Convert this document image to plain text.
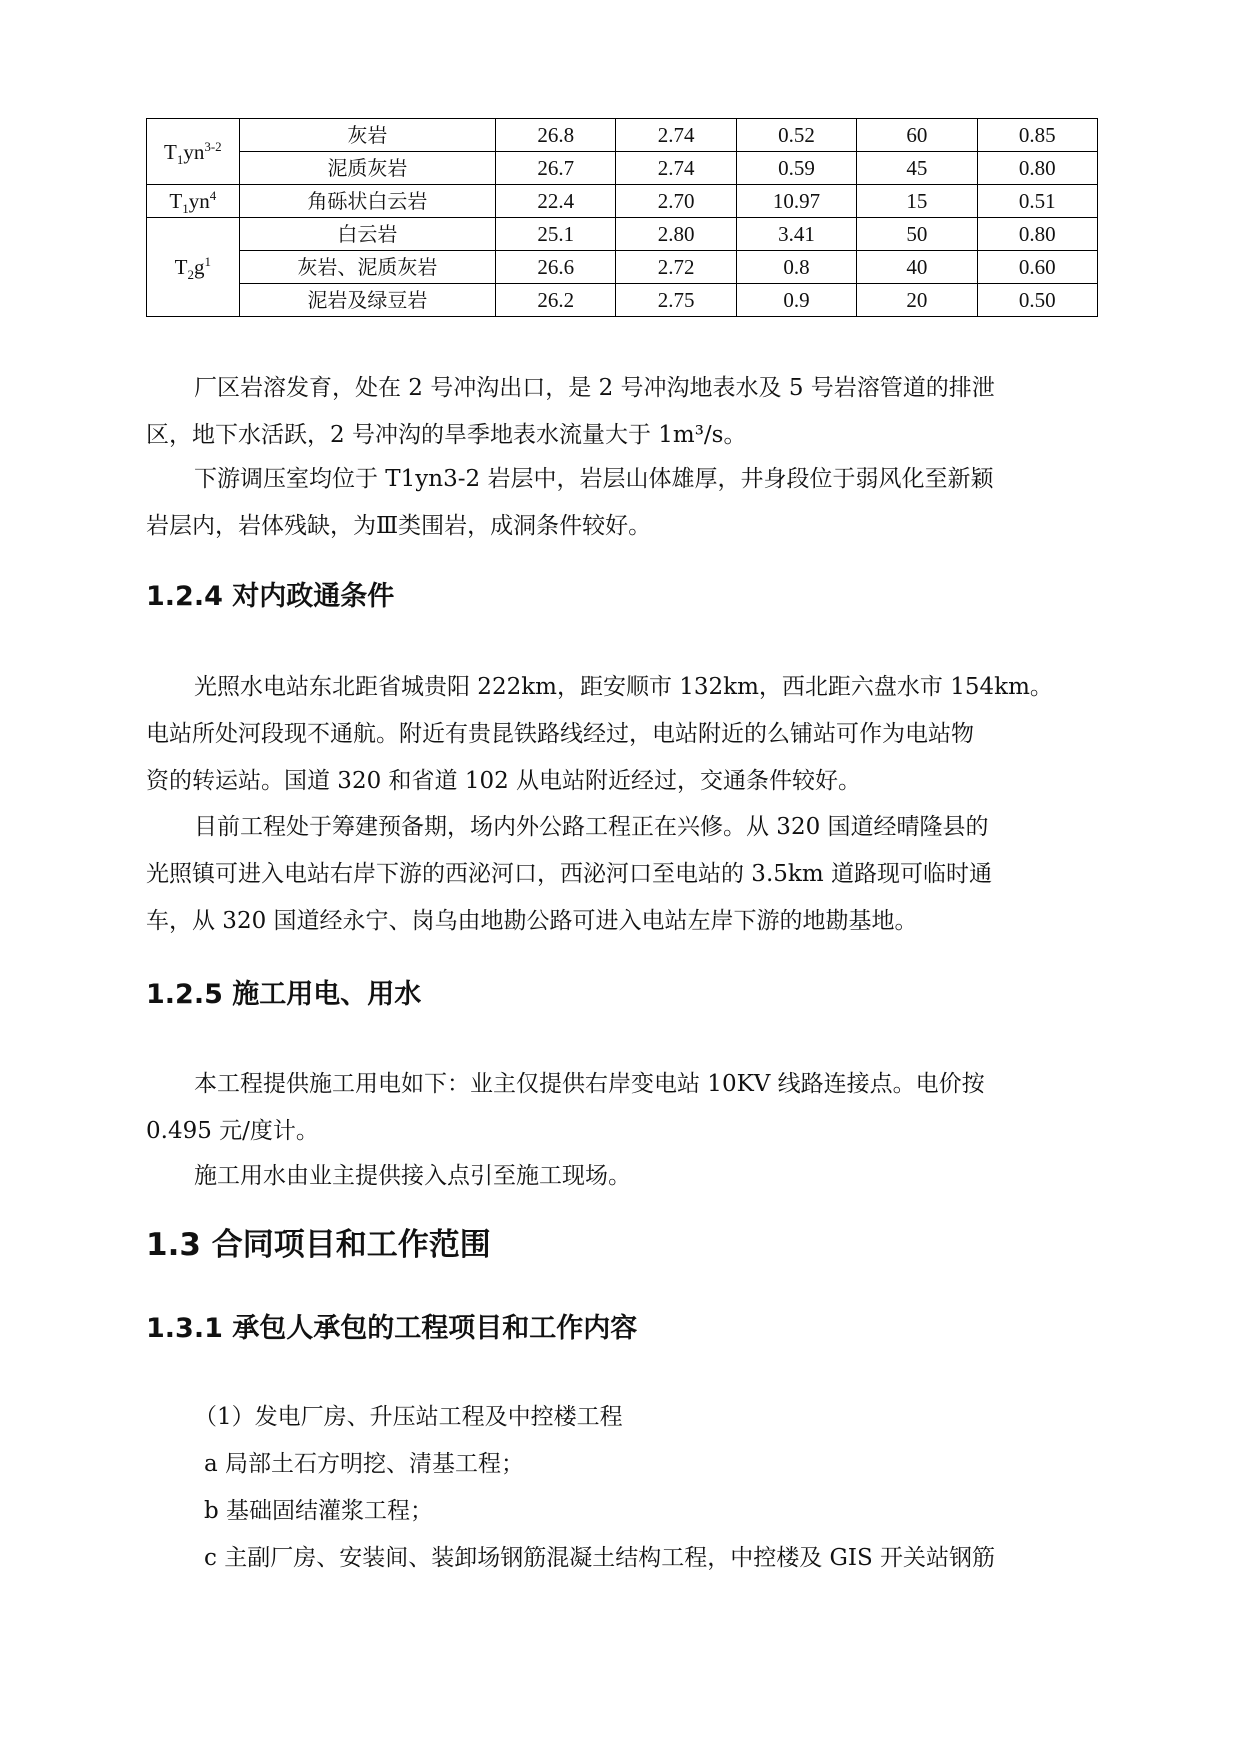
$T_1yn^{3-2}$	灰岩	26.8	2.74	0.52	60	0.85
	泥质灰岩	26.7	2.74	0.59	45	0.80
$T_1yn^4$	角砾状白云岩	22.4	2.70	10.97	15	0.51
$T_2g^1$	白云岩	25.1	2.80	3.41	50	0.80
	灰岩、泥质灰岩	26.6	2.72	0.8	40	0.60
	泥岩及绿豆岩	26.2	2.75	0.9	20	0.50
厂区岩溶发育，处在 2 号冲沟出口，是 2 号冲沟地表水及 5 号岩溶管道的排泄
区，地下水活跃，2 号冲沟的旱季地表水流量大于 1m³/s。
下游调压室均位于 T1yn3-2 岩层中，岩层山体雄厚，井身段位于弱风化至新颖
岩层内，岩体残缺，为Ⅲ类围岩，成洞条件较好。
1.2.4 对内政通条件
光照水电站东北距省城贵阳 222km，距安顺市 132km，西北距六盘水市 154km。
电站所处河段现不通航。附近有贵昆铁路线经过，电站附近的么铺站可作为电站物
资的转运站。国道 320 和省道 102 从电站附近经过，交通条件较好。
目前工程处于筹建预备期，场内外公路工程正在兴修。从 320 国道经晴隆县的
光照镇可进入电站右岸下游的西泌河口，西泌河口至电站的 3.5km 道路现可临时通
车，从 320 国道经永宁、岗乌由地勘公路可进入电站左岸下游的地勘基地。
1.2.5 施工用电、用水
本工程提供施工用电如下：业主仅提供右岸变电站 10KV 线路连接点。电价按
0.495 元/度计。
施工用水由业主提供接入点引至施工现场。
1.3 合同项目和工作范围
1.3.1 承包人承包的工程项目和工作内容
（1）发电厂房、升压站工程及中控楼工程
a 局部土石方明挖、清基工程；
b 基础固结灌浆工程；
c 主副厂房、安装间、装卸场钢筋混凝土结构工程，中控楼及 GIS 开关站钢筋
